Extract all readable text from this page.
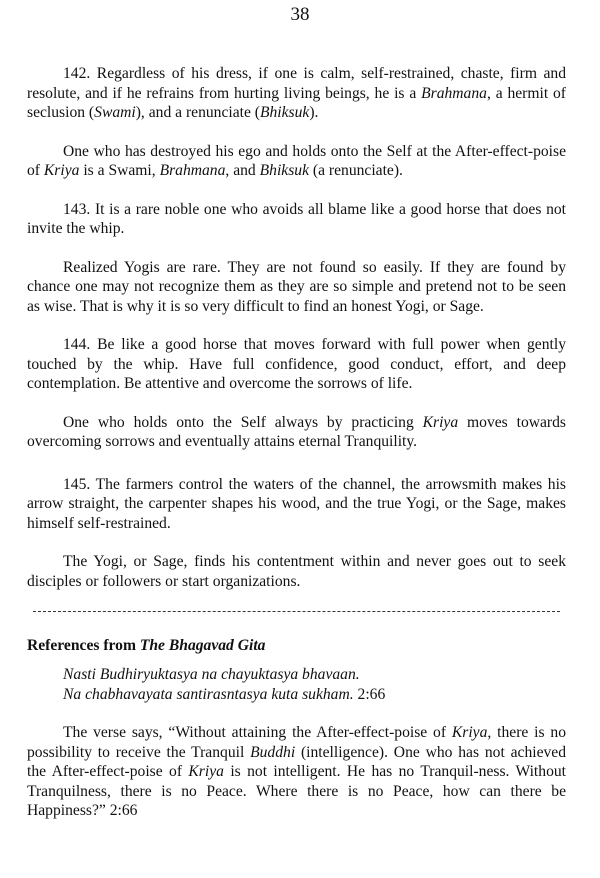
38

142. Regardless of his dress, if one is calm, self-restrained, chaste, firm and resolute, and if he refrains from hurting living beings, he is a Brahmana, a hermit of seclusion (Swami), and a renunciate (Bhiksuk).

One who has destroyed his ego and holds onto the Self at the After-effect-poise of Kriya is a Swami, Brahmana, and Bhiksuk (a renunciate).

143. It is a rare noble one who avoids all blame like a good horse that does not invite the whip.

Realized Yogis are rare. They are not found so easily. If they are found by chance one may not recognize them as they are so simple and pretend not to be seen as wise. That is why it is so very difficult to find an honest Yogi, or Sage.

144. Be like a good horse that moves forward with full power when gently touched by the whip. Have full confidence, good conduct, effort, and deep contemplation. Be attentive and overcome the sorrows of life.

One who holds onto the Self always by practicing Kriya moves towards overcoming sorrows and eventually attains eternal Tranquility.

145. The farmers control the waters of the channel, the arrowsmith makes his arrow straight, the carpenter shapes his wood, and the true Yogi, or the Sage, makes himself self-restrained.

The Yogi, or Sage, finds his contentment within and never goes out to seek disciples or followers or start organizations.

References from The Bhagavad Gita
Nasti Budhiryuktasya na chayuktasya bhavaan.
Na chabhavayata santirasntasya kuta sukham. 2:66

The verse says, “Without attaining the After-effect-poise of Kriya, there is no possibility to receive the Tranquil Buddhi (intelligence). One who has not achieved the After-effect-poise of Kriya is not intelligent. He has no Tranquil-ness. Without Tranquilness, there is no Peace. Where there is no Peace, how can there be Happiness?” 2:66
